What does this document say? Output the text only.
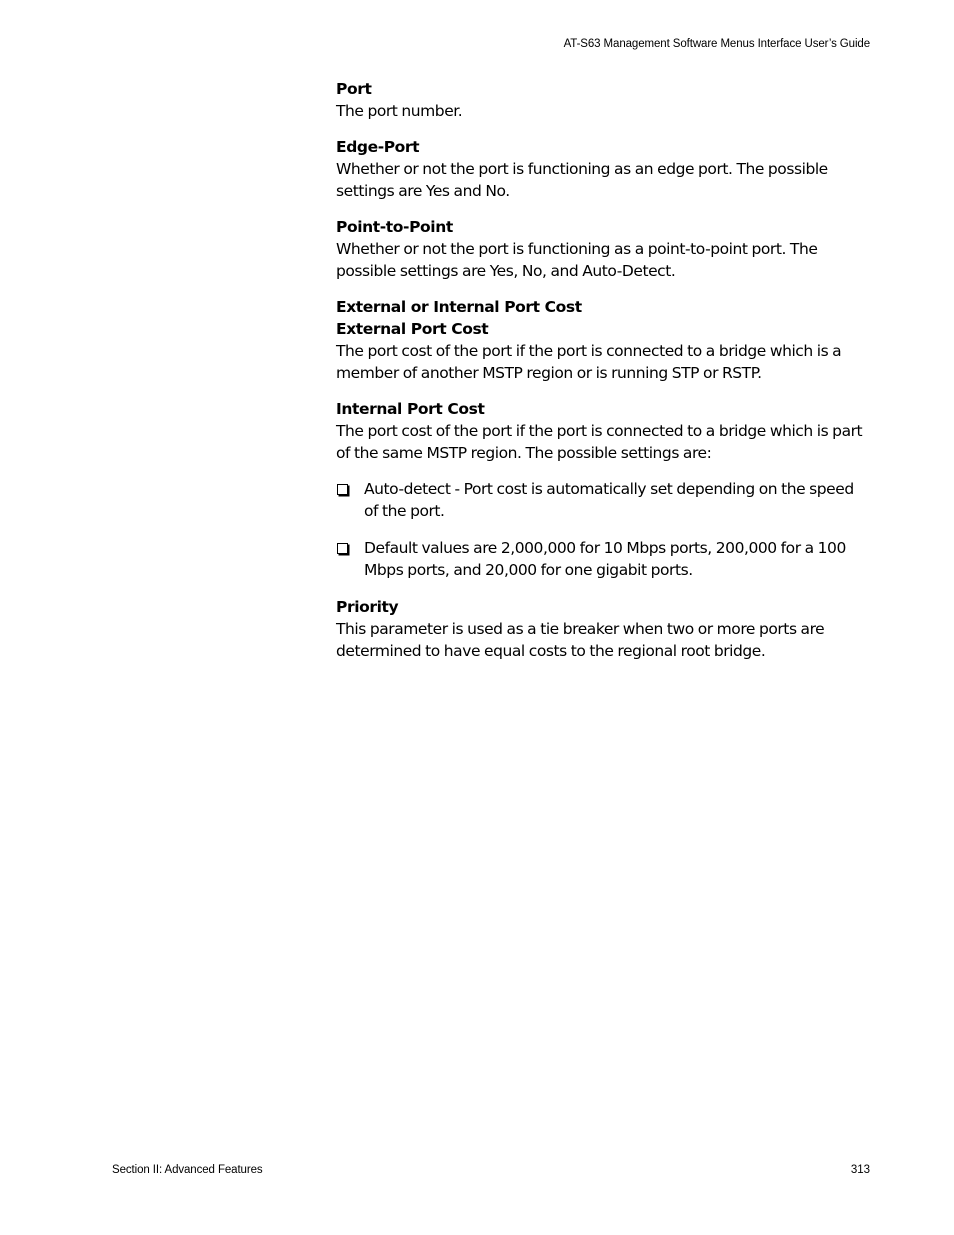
AT-S63 Management Software Menus Interface User’s Guide
Port
The port number.
Edge-Port
Whether or not the port is functioning as an edge port. The possible settings are Yes and No.
Point-to-Point
Whether or not the port is functioning as a point-to-point port. The possible settings are Yes, No, and Auto-Detect.
External or Internal Port Cost
External Port Cost
The port cost of the port if the port is connected to a bridge which is a member of another MSTP region or is running STP or RSTP.
Internal Port Cost
The port cost of the port if the port is connected to a bridge which is part of the same MSTP region. The possible settings are:
Auto-detect - Port cost is automatically set depending on the speed of the port.
Default values are 2,000,000 for 10 Mbps ports, 200,000 for a 100 Mbps ports, and 20,000 for one gigabit ports.
Priority
This parameter is used as a tie breaker when two or more ports are determined to have equal costs to the regional root bridge.
Section II: Advanced Features	313
